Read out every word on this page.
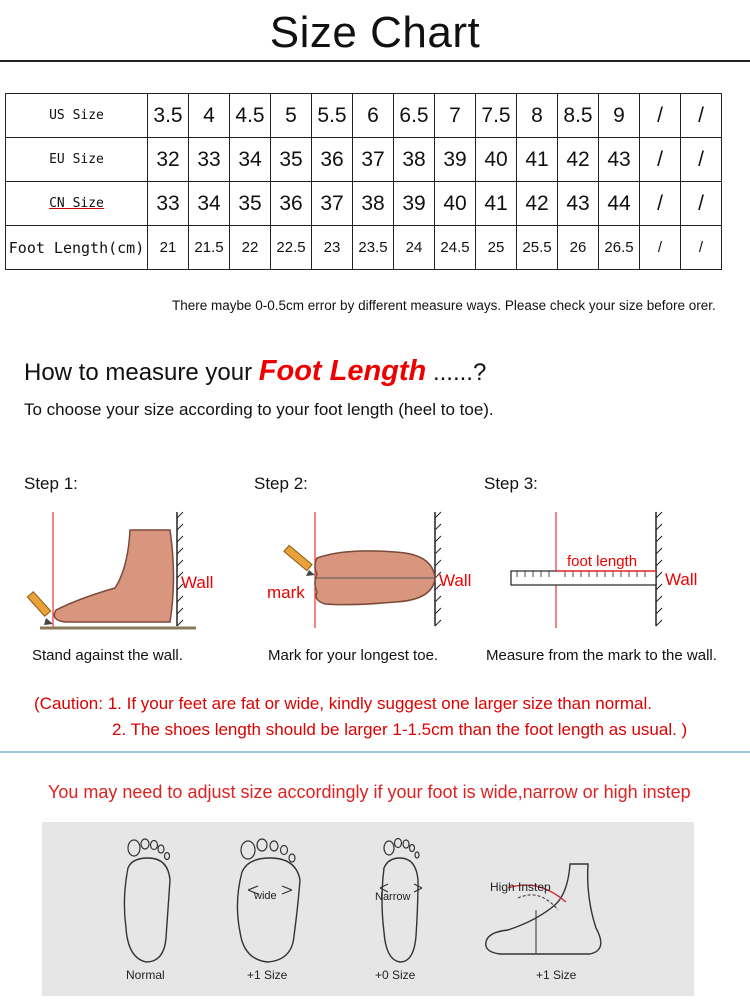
Size Chart
US Size	3.5	4	4.5	5	5.5	6	6.5	7	7.5	8	8.5	9	/	/
EU Size	32	33	34	35	36	37	38	39	40	41	42	43	/	/
CN Size	33	34	35	36	37	38	39	40	41	42	43	44	/	/
Foot Length(cm)	21	21.5	22	22.5	23	23.5	24	24.5	25	25.5	26	26.5	/	/
There maybe 0-0.5cm error by different measure ways. Please check your size before orer.
How to measure your Foot Length ......?
To choose your size according to your foot length (heel to toe).
Step 1:	Step 2:	Step 3:
Wall
mark
Wall
foot length
Wall
Stand against the wall.	Mark for your longest toe.	Measure from the mark to the wall.
(Caution: 1. If your feet are fat or wide, kindly suggest one larger size than normal.
2. The shoes length should be larger 1-1.5cm than the foot length as usual. )
You may need to adjust size accordingly if your foot is wide,narrow or high instep
Normal
wide
+1 Size
Narrow
+0 Size
High Instep
+1 Size
